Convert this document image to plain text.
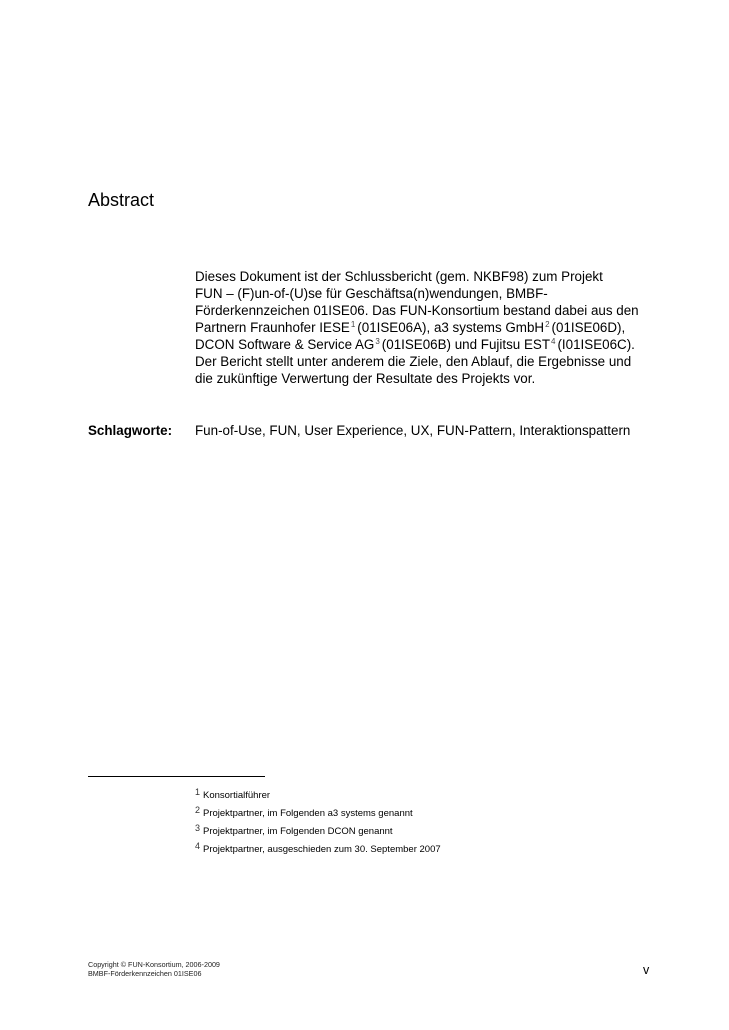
Abstract
Dieses Dokument ist der Schlussbericht (gem. NKBF98) zum Projekt
FUN – (F)un-of-(U)se für Geschäftsa(n)wendungen, BMBF-
Förderkennzeichen 01ISE06. Das FUN-Konsortium bestand dabei aus den
Partnern Fraunhofer IESE$^1$ (01ISE06A), a3 systems GmbH$^2$ (01ISE06D),
DCON Software & Service AG$^3$ (01ISE06B) und Fujitsu EST$^4$ (I01ISE06C).
Der Bericht stellt unter anderem die Ziele, den Ablauf, die Ergebnisse und
die zukünftige Verwertung der Resultate des Projekts vor.
Schlagworte: Fun-of-Use, FUN, User Experience, UX, FUN-Pattern, Interaktionspattern
1 Konsortialführer
2 Projektpartner, im Folgenden a3 systems genannt
3 Projektpartner, im Folgenden DCON genannt
4 Projektpartner, ausgeschieden zum 30. September 2007
Copyright © FUN-Konsortium, 2006-2009
BMBF-Förderkennzeichen 01ISE06	v
